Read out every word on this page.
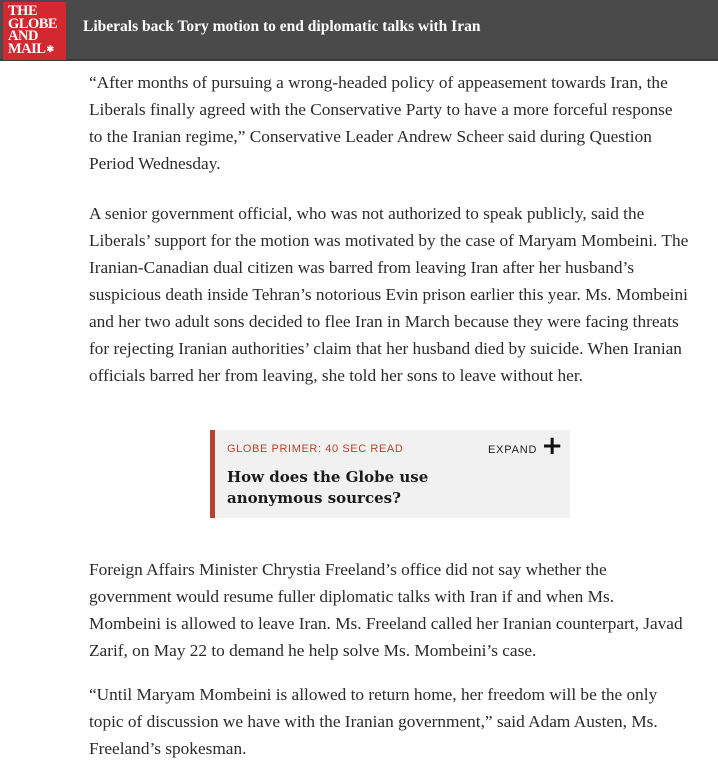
THE
GLOBE
AND
MAIL✱
Liberals back Tory motion to end diplomatic talks with Iran

“After months of pursuing a wrong-headed policy of appeasement towards Iran, the Liberals finally agreed with the Conservative Party to have a more forceful response to the Iranian regime,” Conservative Leader Andrew Scheer said during Question Period Wednesday.

A senior government official, who was not authorized to speak publicly, said the Liberals’ support for the motion was motivated by the case of Maryam Mombeini. The Iranian-Canadian dual citizen was barred from leaving Iran after her husband’s suspicious death inside Tehran’s notorious Evin prison earlier this year. Ms. Mombeini and her two adult sons decided to flee Iran in March because they were facing threats for rejecting Iranian authorities’ claim that her husband died by suicide. When Iranian officials barred her from leaving, she told her sons to leave without her.

GLOBE PRIMER: 40 SEC READ	EXPAND +
How does the Globe use anonymous sources?

Foreign Affairs Minister Chrystia Freeland’s office did not say whether the government would resume fuller diplomatic talks with Iran if and when Ms. Mombeini is allowed to leave Iran. Ms. Freeland called her Iranian counterpart, Javad Zarif, on May 22 to demand he help solve Ms. Mombeini’s case.

“Until Maryam Mombeini is allowed to return home, her freedom will be the only topic of discussion we have with the Iranian government,” said Adam Austen, Ms. Freeland’s spokesman.
